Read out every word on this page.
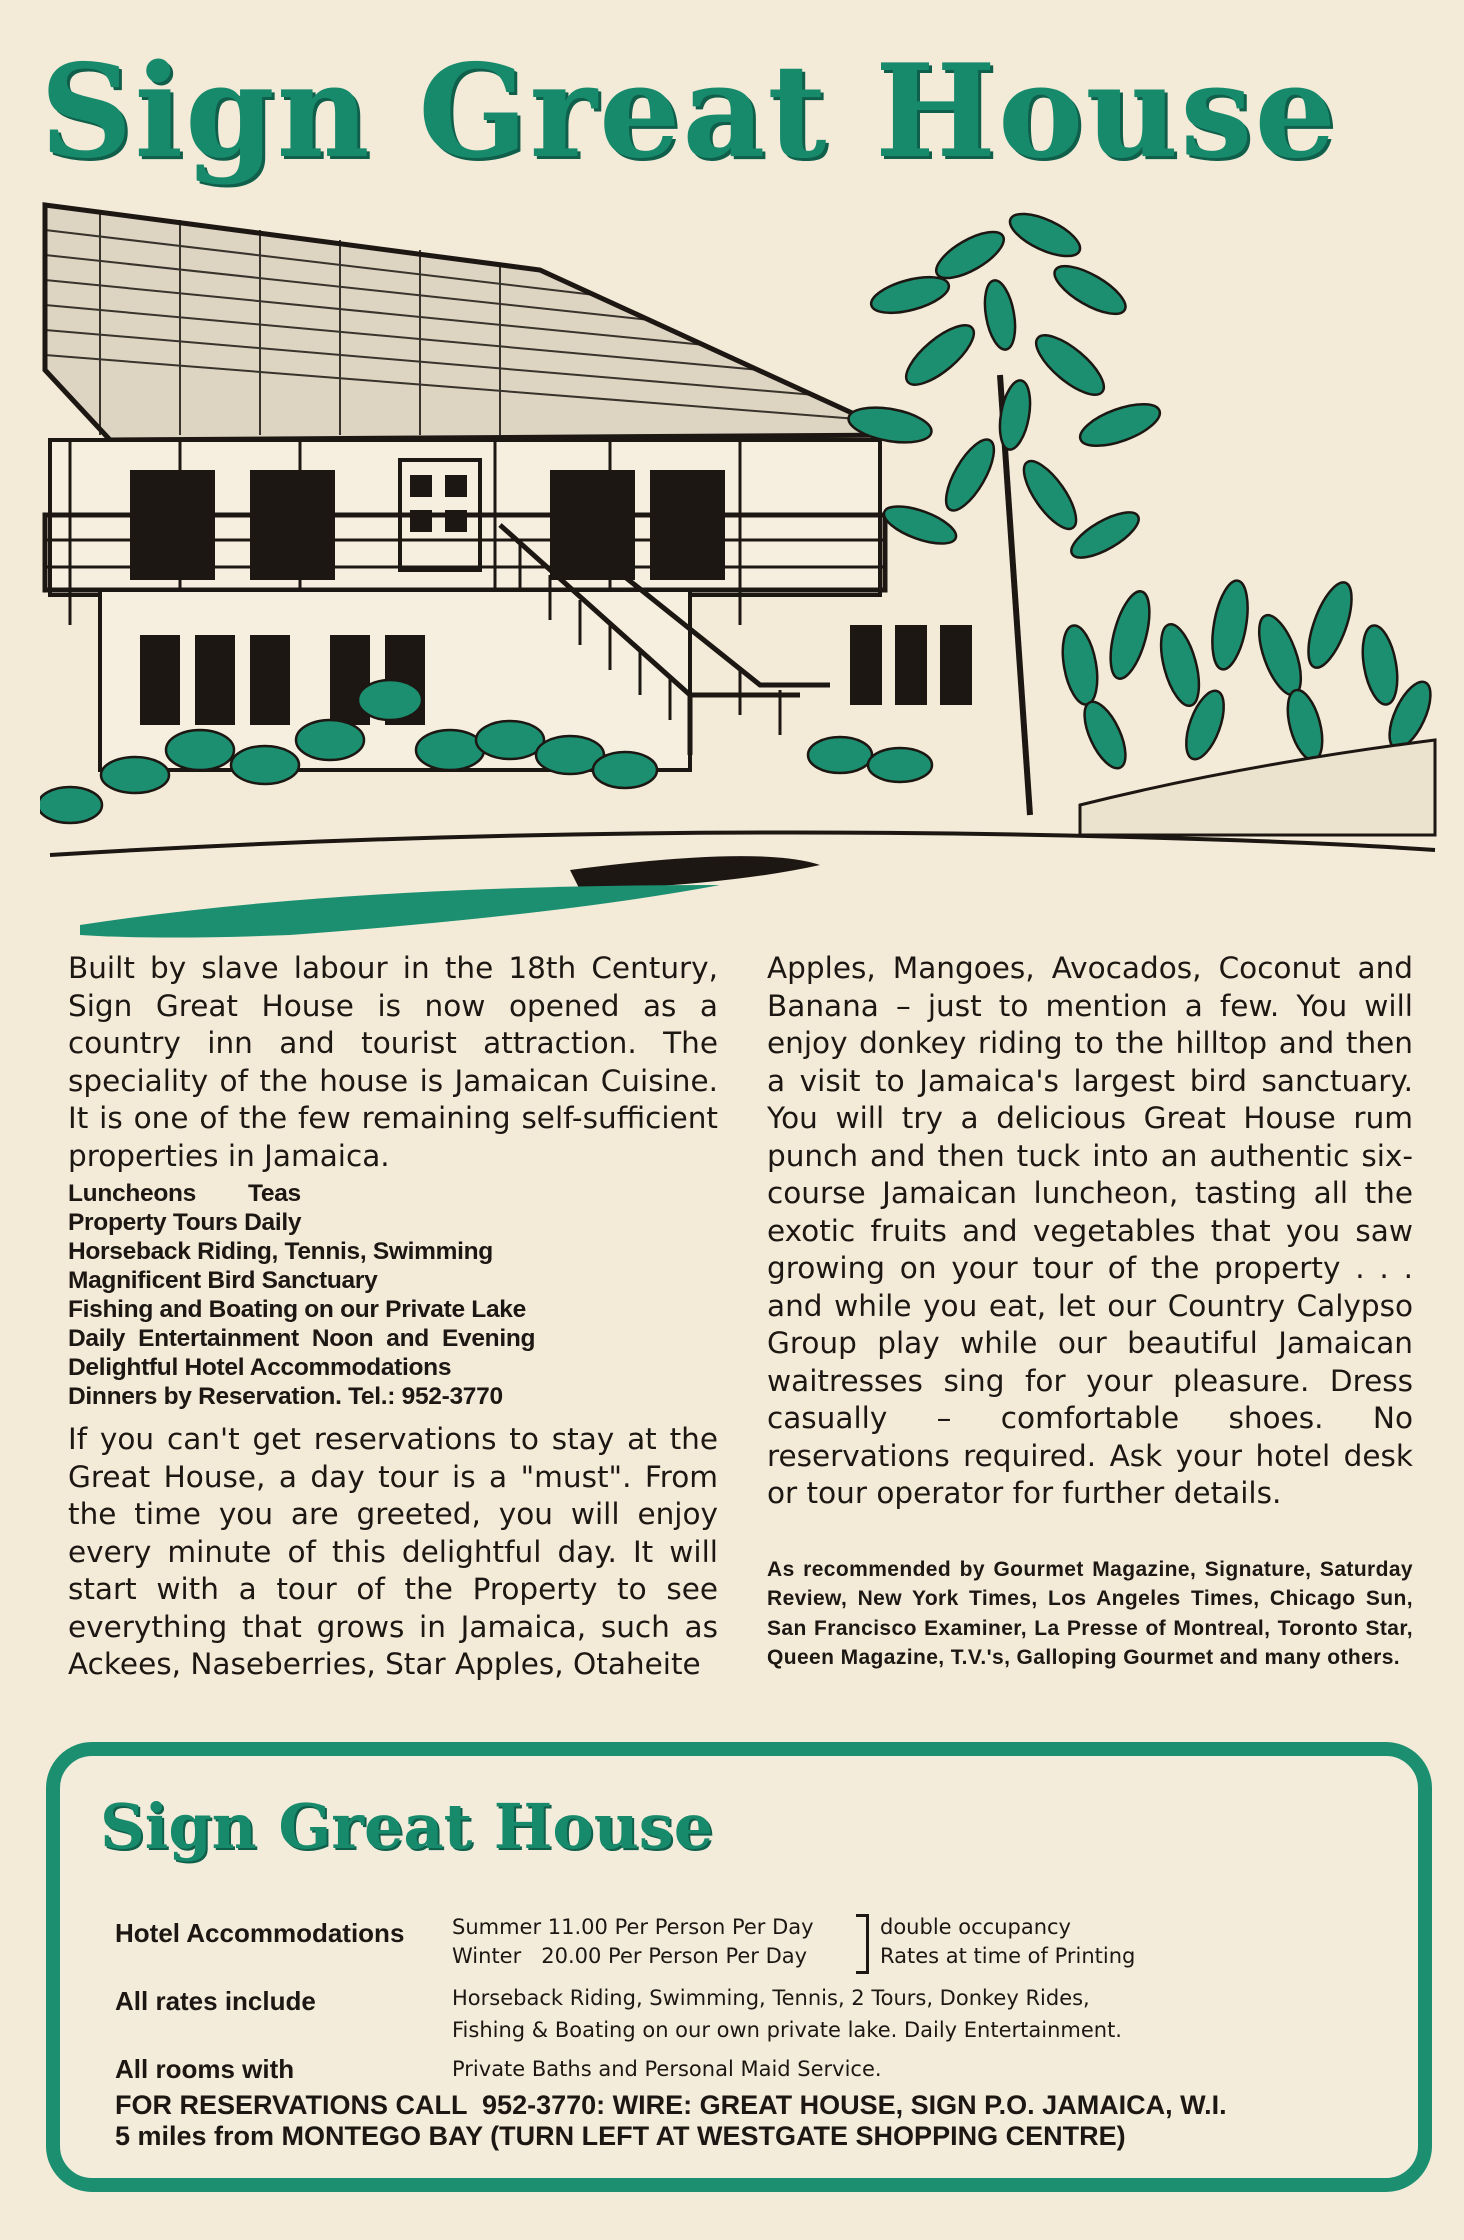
Sign Great House

Built by slave labour in the 18th Century, Sign Great House is now opened as a country inn and tourist attraction. The speciality of the house is Jamaican Cuisine. It is one of the few remaining self-sufficient properties in Jamaica.

Luncheons        Teas
Property Tours Daily
Horseback Riding, Tennis, Swimming
Magnificent Bird Sanctuary
Fishing and Boating on our Private Lake
Daily  Entertainment  Noon  and  Evening
Delightful Hotel Accommodations
Dinners by Reservation. Tel.: 952-3770

If you can't get reservations to stay at the Great House, a day tour is a "must". From the time you are greeted, you will enjoy every minute of this delightful day. It will start with a tour of the Property to see everything that grows in Jamaica, such as Ackees, Naseberries, Star Apples, Otaheite

Apples, Mangoes, Avocados, Coconut and Banana – just to mention a few. You will enjoy donkey riding to the hilltop and then a visit to Jamaica's largest bird sanctuary. You will try a delicious Great House rum punch and then tuck into an authentic six-course Jamaican luncheon, tasting all the exotic fruits and vegetables that you saw growing on your tour of the property . . . and while you eat, let our Country Calypso Group play while our beautiful Jamaican waitresses sing for your pleasure. Dress casually – comfortable shoes. No reservations required. Ask your hotel desk or tour operator for further details.

As recommended by Gourmet Magazine, Signature, Saturday Review, New York Times, Los Angeles Times, Chicago Sun, San Francisco Examiner, La Presse of Montreal, Toronto Star, Queen Magazine, T.V.'s, Galloping Gourmet and many others.

Sign Great House
Hotel Accommodations Summer 11.00 Per Person Per Day
Winter   20.00 Per Person Per Day
double occupancy
Rates at time of Printing
All rates include	Horseback Riding, Swimming, Tennis, 2 Tours, Donkey Rides,
Fishing & Boating on our own private lake. Daily Entertainment.
All rooms with	Private Baths and Personal Maid Service.
FOR RESERVATIONS CALL  952-3770: WIRE: GREAT HOUSE, SIGN P.O. JAMAICA, W.I.
5 miles from MONTEGO BAY (TURN LEFT AT WESTGATE SHOPPING CENTRE)
